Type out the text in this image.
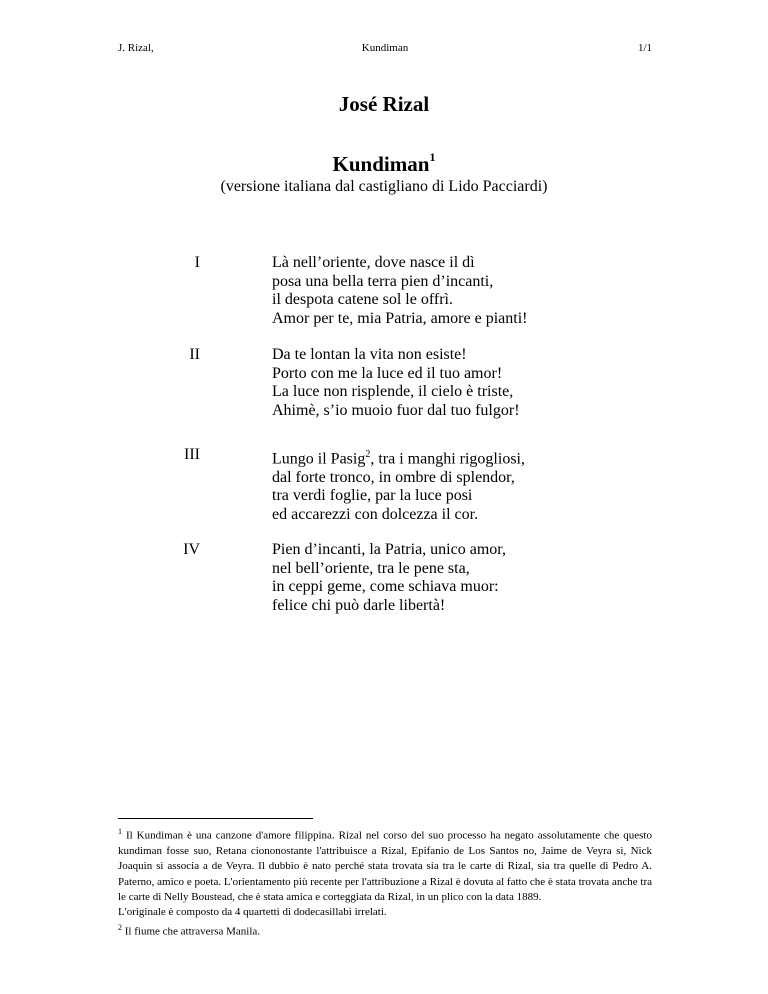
J. Rizal,	Kundiman	1/1
José Rizal
Kundiman$^1$
(versione italiana dal castigliano di Lido Pacciardi)
I	Là nell’oriente, dove nasce il dì
posa una bella terra pien d’incanti,
il despota catene sol le offrì.
Amor per te, mia Patria, amore e pianti!
II	Da te lontan la vita non esiste!
Porto con me la luce ed il tuo amor!
La luce non risplende, il cielo è triste,
Ahimè, s’io muoio fuor dal tuo fulgor!
III	Lungo il Pasig$^2$, tra i manghi rigogliosi,
dal forte tronco, in ombre di splendor,
tra verdi foglie, par la luce posi
ed accarezzi con dolcezza il cor.
IV	Pien d’incanti, la Patria, unico amor,
nel bell’oriente, tra le pene sta,
in ceppi geme, come schiava muor:
felice chi può darle libertà!

$^1$ Il Kundiman è una canzone d'amore filippina. Rizal nel corso del suo processo ha negato assolutamente che questo kundiman fosse suo, Retana ciononostante l'attribuisce a Rizal, Epifanio de Los Santos no, Jaime de Veyra sì, Nick Joaquin si associa a de Veyra. Il dubbio è nato perché stata trovata sia tra le carte di Rizal, sia tra quelle di Pedro A. Paterno, amico e poeta. L'orientamento più recente per l'attribuzione a Rizal è dovuta al fatto che è stata trovata anche tra le carte di Nelly Boustead, che è stata amica e corteggiata da Rizal, in un plico con la data 1889.

L'originale è composto da 4 quartetti di dodecasillabi irrelati.

$^2$ Il fiume che attraversa Manila.
